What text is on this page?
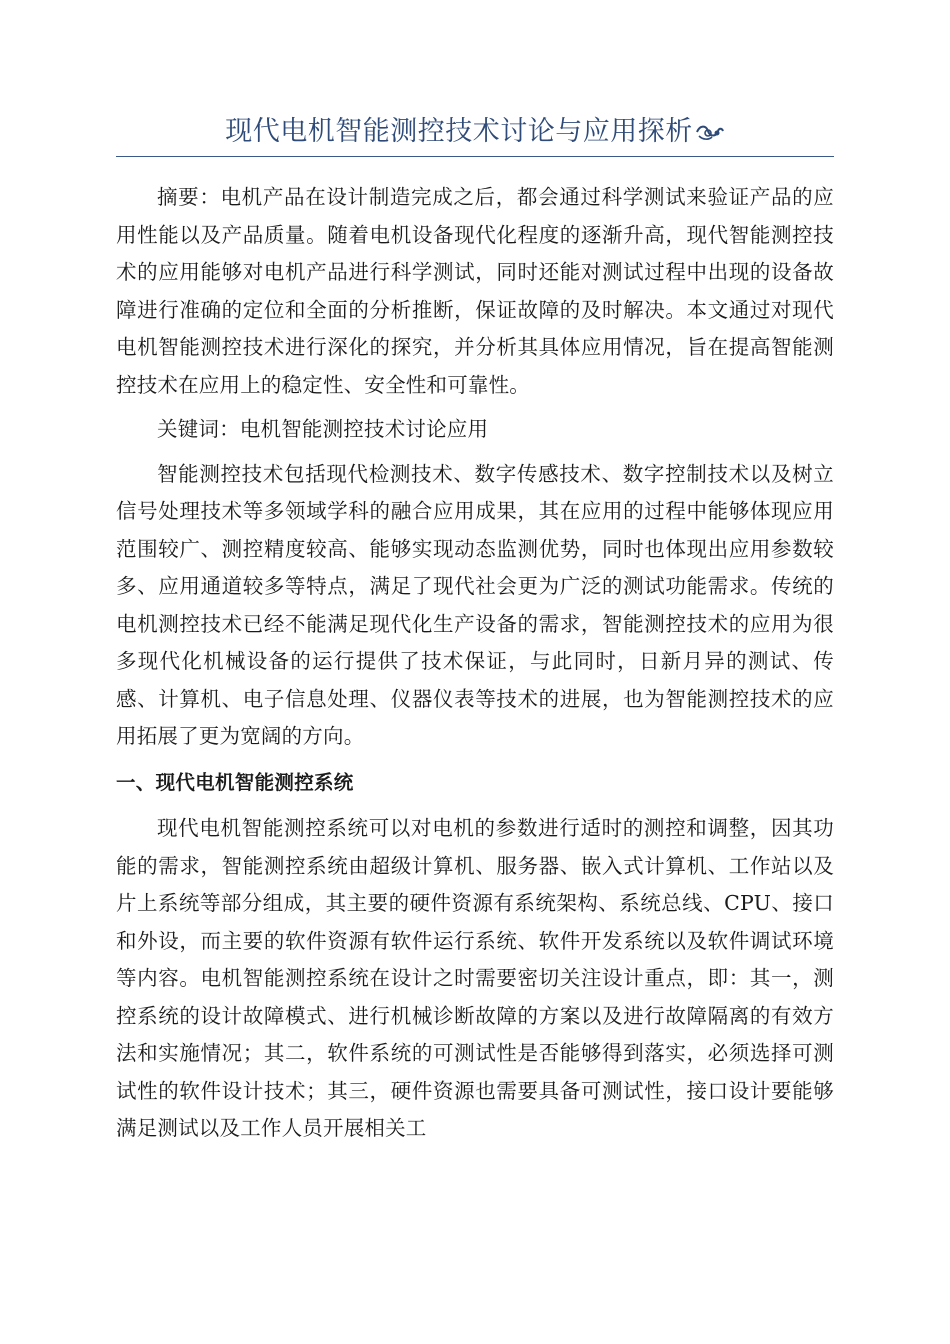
现代电机智能测控技术讨论与应用探析

摘要：电机产品在设计制造完成之后，都会通过科学测试来验证产品的应用性能以及产品质量。随着电机设备现代化程度的逐渐升高，现代智能测控技术的应用能够对电机产品进行科学测试，同时还能对测试过程中出现的设备故障进行准确的定位和全面的分析推断，保证故障的及时解决。本文通过对现代电机智能测控技术进行深化的探究，并分析其具体应用情况，旨在提高智能测控技术在应用上的稳定性、安全性和可靠性。

关键词：电机智能测控技术讨论应用

智能测控技术包括现代检测技术、数字传感技术、数字控制技术以及树立信号处理技术等多领域学科的融合应用成果，其在应用的过程中能够体现应用范围较广、测控精度较高、能够实现动态监测优势，同时也体现出应用参数较多、应用通道较多等特点，满足了现代社会更为广泛的测试功能需求。传统的电机测控技术已经不能满足现代化生产设备的需求，智能测控技术的应用为很多现代化机械设备的运行提供了技术保证，与此同时，日新月异的测试、传感、计算机、电子信息处理、仪器仪表等技术的进展，也为智能测控技术的应用拓展了更为宽阔的方向。

一、现代电机智能测控系统

现代电机智能测控系统可以对电机的参数进行适时的测控和调整，因其功能的需求，智能测控系统由超级计算机、服务器、嵌入式计算机、工作站以及片上系统等部分组成，其主要的硬件资源有系统架构、系统总线、CPU、接口和外设，而主要的软件资源有软件运行系统、软件开发系统以及软件调试环境等内容。电机智能测控系统在设计之时需要密切关注设计重点，即：其一，测控系统的设计故障模式、进行机械诊断故障的方案以及进行故障隔离的有效方法和实施情况；其二，软件系统的可测试性是否能够得到落实，必须选择可测试性的软件设计技术；其三，硬件资源也需要具备可测试性，接口设计要能够满足测试以及工作人员开展相关工
